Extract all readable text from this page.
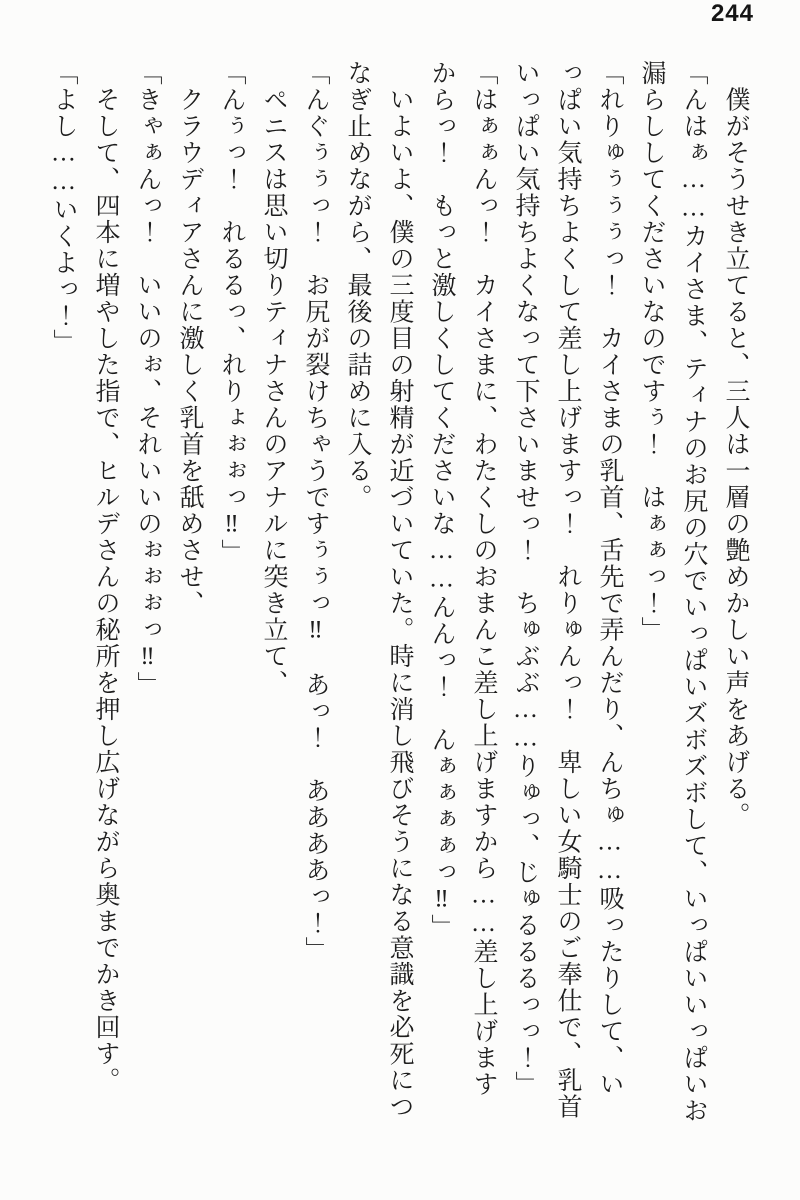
244

　僕がそうせき立てると、三人は一層の艶めかしい声をあげる。

「んはぁ……カイさま、ティナのお尻の穴でいっぱいズボズボして、いっぱいいっぱいお

漏らししてくださいなのですぅ！　はぁぁっ！」

「れりゅぅぅぅっ！　カイさまの乳首、舌先で弄んだり、んちゅ……吸ったりして、い

っぱい気持ちよくして差し上げますっ！　れりゅんっ！　卑しい女騎士のご奉仕で、乳首

いっぱい気持ちよくなって下さいませっ！　ちゅぶぶ……りゅっ、じゅるるるっっ！」

「はぁぁんっ！　カイさまに、わたくしのおまんこ差し上げますから……差し上げます

からっ！　もっと激しくしてくださいな……んんっ！　んぁぁぁぁっ‼」

　いよいよ、僕の三度目の射精が近づいていた。時に消し飛びそうになる意識を必死につ

なぎ止めながら、最後の詰めに入る。

「んぐぅぅっ！　お尻が裂けちゃうですぅぅっ‼　あっ！　ああああっ！」

　ペニスは思い切りティナさんのアナルに突き立て、

「んぅっ！　れるるっ、れりょぉぉっ‼」

　クラウディアさんに激しく乳首を舐めさせ、

「きゃぁんっ！　いいのぉ、それいいのぉぉぉっ‼」

　そして、四本に増やした指で、ヒルデさんの秘所を押し広げながら奥までかき回す。

「よし……いくよっ！」
